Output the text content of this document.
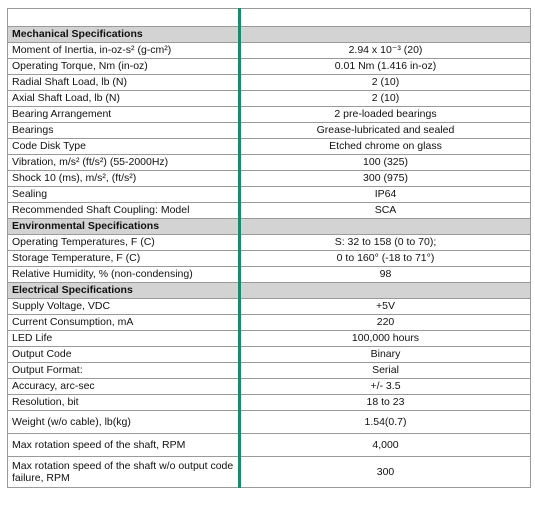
Mechanical Specifications	
Moment of Inertia, in-oz-s² (g-cm²)	2.94 x 10⁻³ (20)
Operating Torque, Nm (in-oz)	0.01 Nm (1.416 in-oz)
Radial Shaft Load, lb (N)	2 (10)
Axial Shaft Load, lb (N)	2 (10)
Bearing Arrangement	2 pre-loaded bearings
Bearings	Grease-lubricated and sealed
Code Disk Type	Etched chrome on glass
Vibration, m/s² (ft/s²) (55-2000Hz)	100 (325)
Shock 10 (ms), m/s², (ft/s²)	300 (975)
Sealing	IP64
Recommended Shaft Coupling: Model	SCA
Environmental Specifications	
Operating Temperatures, F (C)	S: 32 to 158 (0 to 70);
Storage Temperature, F (C)	0 to 160° (-18 to 71°)
Relative Humidity, % (non-condensing)	98
Electrical Specifications	
Supply Voltage, VDC	+5V
Current Consumption, mA	220
LED Life	100,000 hours
Output Code	Binary
Output Format:	Serial
Accuracy, arc-sec	+/- 3.5
Resolution, bit	18 to 23
Weight (w/o cable), lb(kg)	1.54(0.7)
Max rotation speed of the shaft, RPM	4,000
Max rotation speed of the shaft w/o output code failure, RPM	300
